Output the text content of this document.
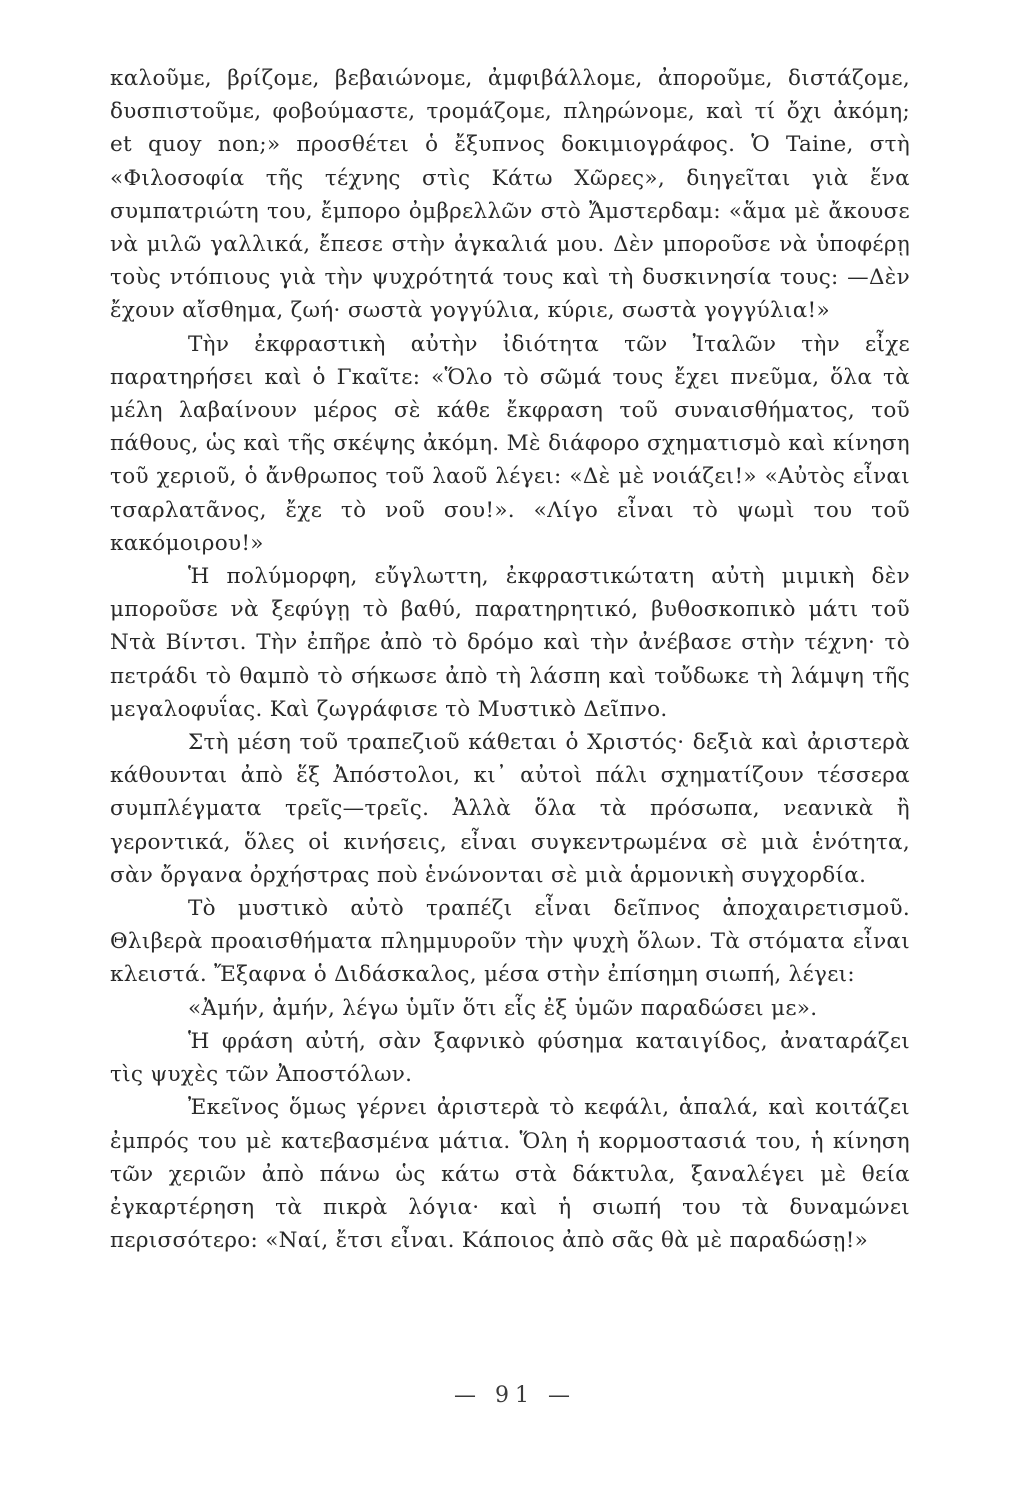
καλοῦμε, βρίζομε, βεβαιώνομε, ἀμφιβάλλομε, ἀποροῦμε, διστάζομε, δυσπιστοῦμε, φοβούμαστε, τρομάζομε, πληρώνομε, καὶ τί ὄχι ἀκόμη; et quoy non;» προσθέτει ὁ ἔξυπνος δοκιμιογράφος. Ὁ Taine, στὴ «Φιλοσοφία τῆς τέχνης στὶς Κάτω Χῶρες», διηγεῖται γιὰ ἕνα συμπατριώτη του, ἔμπορο ὀμβρελλῶν στὸ Ἄμστερδαμ: «ἅμα μὲ ἄκουσε νὰ μιλῶ γαλλικά, ἔπεσε στὴν ἀγκαλιά μου. Δὲν μποροῦσε νὰ ὑποφέρῃ τοὺς ντόπιους γιὰ τὴν ψυχρότητά τους καὶ τὴ δυσκινησία τους: —Δὲν ἔχουν αἴσθημα, ζωή· σωστὰ γογγύλια, κύριε, σωστὰ γογγύλια!»

Τὴν ἐκφραστικὴ αὐτὴν ἰδιότητα τῶν Ἰταλῶν τὴν εἶχε παρατηρήσει καὶ ὁ Γκαῖτε: «Ὅλο τὸ σῶμά τους ἔχει πνεῦμα, ὅλα τὰ μέλη λαβαίνουν μέρος σὲ κάθε ἔκφραση τοῦ συναισθήματος, τοῦ πάθους, ὡς καὶ τῆς σκέψης ἀκόμη. Μὲ διάφορο σχηματισμὸ καὶ κίνηση τοῦ χεριοῦ, ὁ ἄνθρωπος τοῦ λαοῦ λέγει: «Δὲ μὲ νοιάζει!» «Αὐτὸς εἶναι τσαρλατᾶνος, ἔχε τὸ νοῦ σου!». «Λίγο εἶναι τὸ ψωμὶ του τοῦ κακόμοιρου!»

Ἡ πολύμορφη, εὔγλωττη, ἐκφραστικώτατη αὐτὴ μιμικὴ δὲν μποροῦσε νὰ ξεφύγῃ τὸ βαθύ, παρατηρητικό, βυθοσκοπικὸ μάτι τοῦ Ντὰ Βίντσι. Τὴν ἐπῆρε ἀπὸ τὸ δρόμο καὶ τὴν ἀνέβασε στὴν τέχνη· τὸ πετράδι τὸ θαμπὸ τὸ σήκωσε ἀπὸ τὴ λάσπη καὶ τοὔδωκε τὴ λάμψη τῆς μεγαλοφυΐας. Καὶ ζωγράφισε τὸ Μυστικὸ Δεῖπνο.

Στὴ μέση τοῦ τραπεζιοῦ κάθεται ὁ Χριστός· δεξιὰ καὶ ἀριστερὰ κάθουνται ἀπὸ ἕξ Ἀπόστολοι, κι᾽ αὐτοὶ πάλι σχηματίζουν τέσσερα συμπλέγματα τρεῖς—τρεῖς. Ἀλλὰ ὅλα τὰ πρόσωπα, νεανικὰ ἢ γεροντικά, ὅλες οἱ κινήσεις, εἶναι συγκεντρωμένα σὲ μιὰ ἑνότητα, σὰν ὄργανα ὀρχήστρας ποὺ ἑνώνονται σὲ μιὰ ἁρμονικὴ συγχορδία.

Τὸ μυστικὸ αὐτὸ τραπέζι εἶναι δεῖπνος ἀποχαιρετισμοῦ. Θλιβερὰ προαισθήματα πλημμυροῦν τὴν ψυχὴ ὅλων. Τὰ στόματα εἶναι κλειστά. Ἔξαφνα ὁ Διδάσκαλος, μέσα στὴν ἐπίσημη σιωπή, λέγει:

«Ἀμήν, ἀμήν, λέγω ὑμῖν ὅτι εἷς ἐξ ὑμῶν παραδώσει με».

Ἡ φράση αὐτή, σὰν ξαφνικὸ φύσημα καταιγίδος, ἀναταράζει τὶς ψυχὲς τῶν Ἀποστόλων.

Ἐκεῖνος ὅμως γέρνει ἀριστερὰ τὸ κεφάλι, ἁπαλά, καὶ κοιτάζει ἐμπρός του μὲ κατεβασμένα μάτια. Ὅλη ἡ κορμοστασιά του, ἡ κίνηση τῶν χεριῶν ἀπὸ πάνω ὡς κάτω στὰ δάκτυλα, ξαναλέγει μὲ θεία ἐγκαρτέρηση τὰ πικρὰ λόγια· καὶ ἡ σιωπή του τὰ δυναμώνει περισσότερο: «Ναί, ἔτσι εἶναι. Κάποιος ἀπὸ σᾶς θὰ μὲ παραδώσῃ!»

— 91 —
